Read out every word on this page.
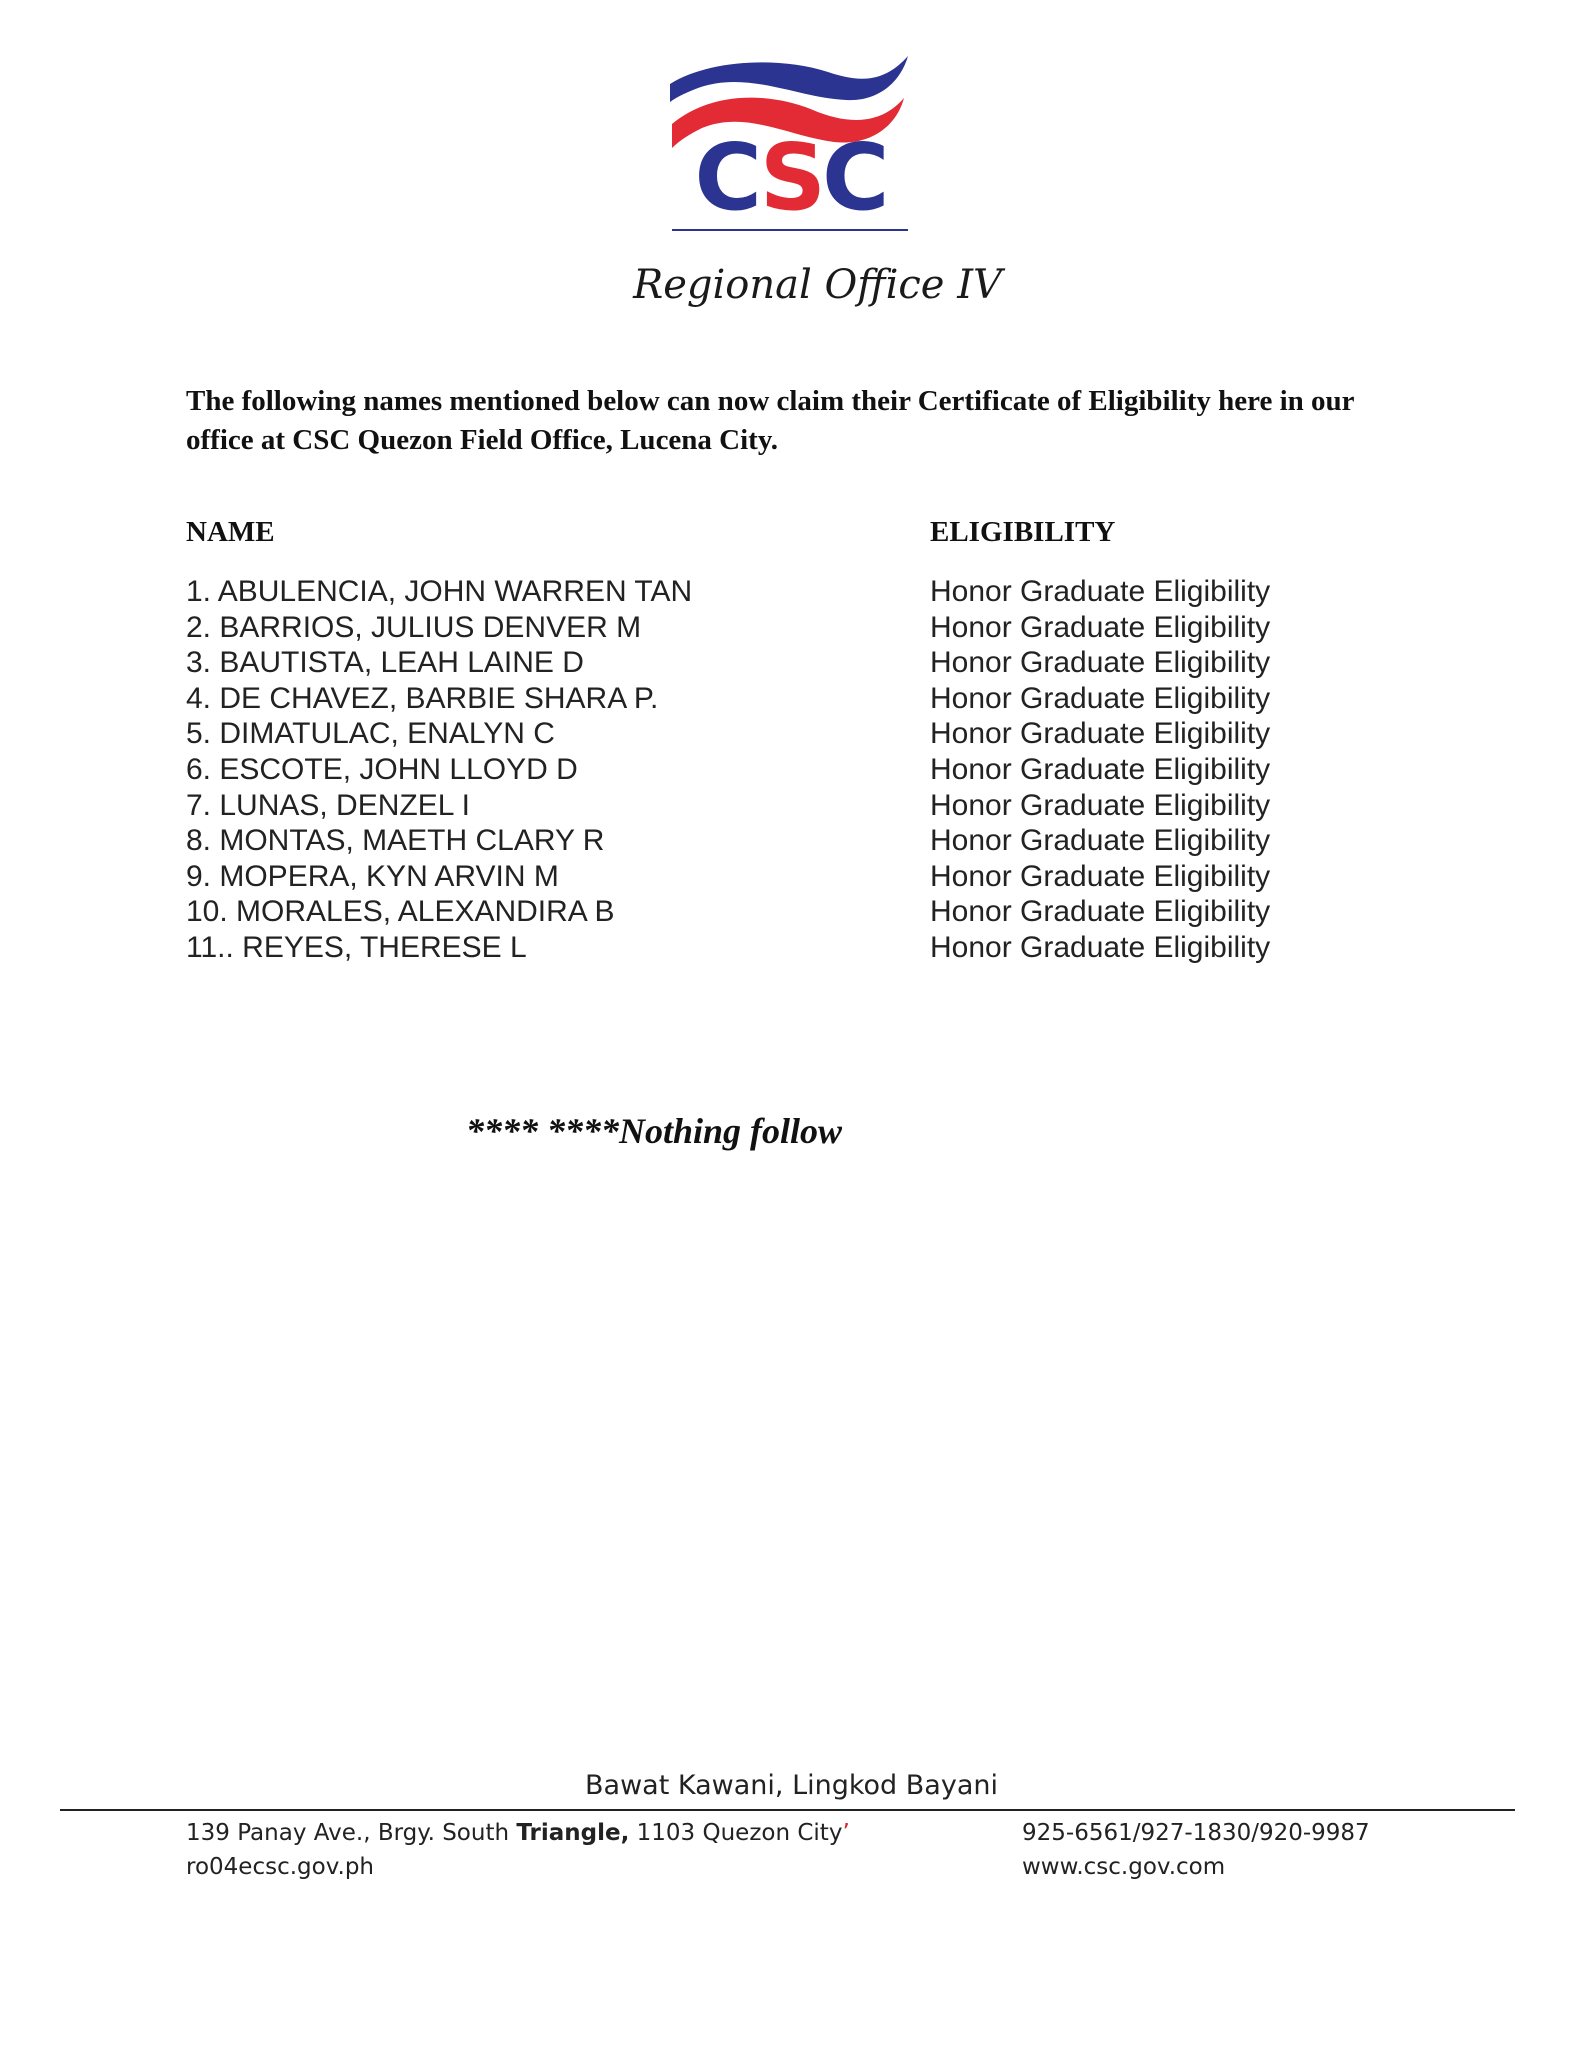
CSC
Regional Office IV
The following names mentioned below can now claim their Certificate of Eligibility here in our office at CSC Quezon Field Office, Lucena City.
NAME	ELIGIBILITY
1. ABULENCIA, JOHN WARREN TAN
2. BARRIOS, JULIUS DENVER M
3. BAUTISTA, LEAH LAINE D
4. DE CHAVEZ, BARBIE SHARA P.
5. DIMATULAC, ENALYN C
6. ESCOTE, JOHN LLOYD D
7. LUNAS, DENZEL I
8. MONTAS, MAETH CLARY R
9. MOPERA, KYN ARVIN M
10. MORALES, ALEXANDIRA B
11.. REYES, THERESE L
Honor Graduate Eligibility
Honor Graduate Eligibility
Honor Graduate Eligibility
Honor Graduate Eligibility
Honor Graduate Eligibility
Honor Graduate Eligibility
Honor Graduate Eligibility
Honor Graduate Eligibility
Honor Graduate Eligibility
Honor Graduate Eligibility
Honor Graduate Eligibility
**** ****Nothing follow
Bawat Kawani, Lingkod Bayani
139 Panay Ave., Brgy. South Triangle, 1103 Quezon City’
ro04ecsc.gov.ph
925-6561/927-1830/920-9987
www.csc.gov.com
